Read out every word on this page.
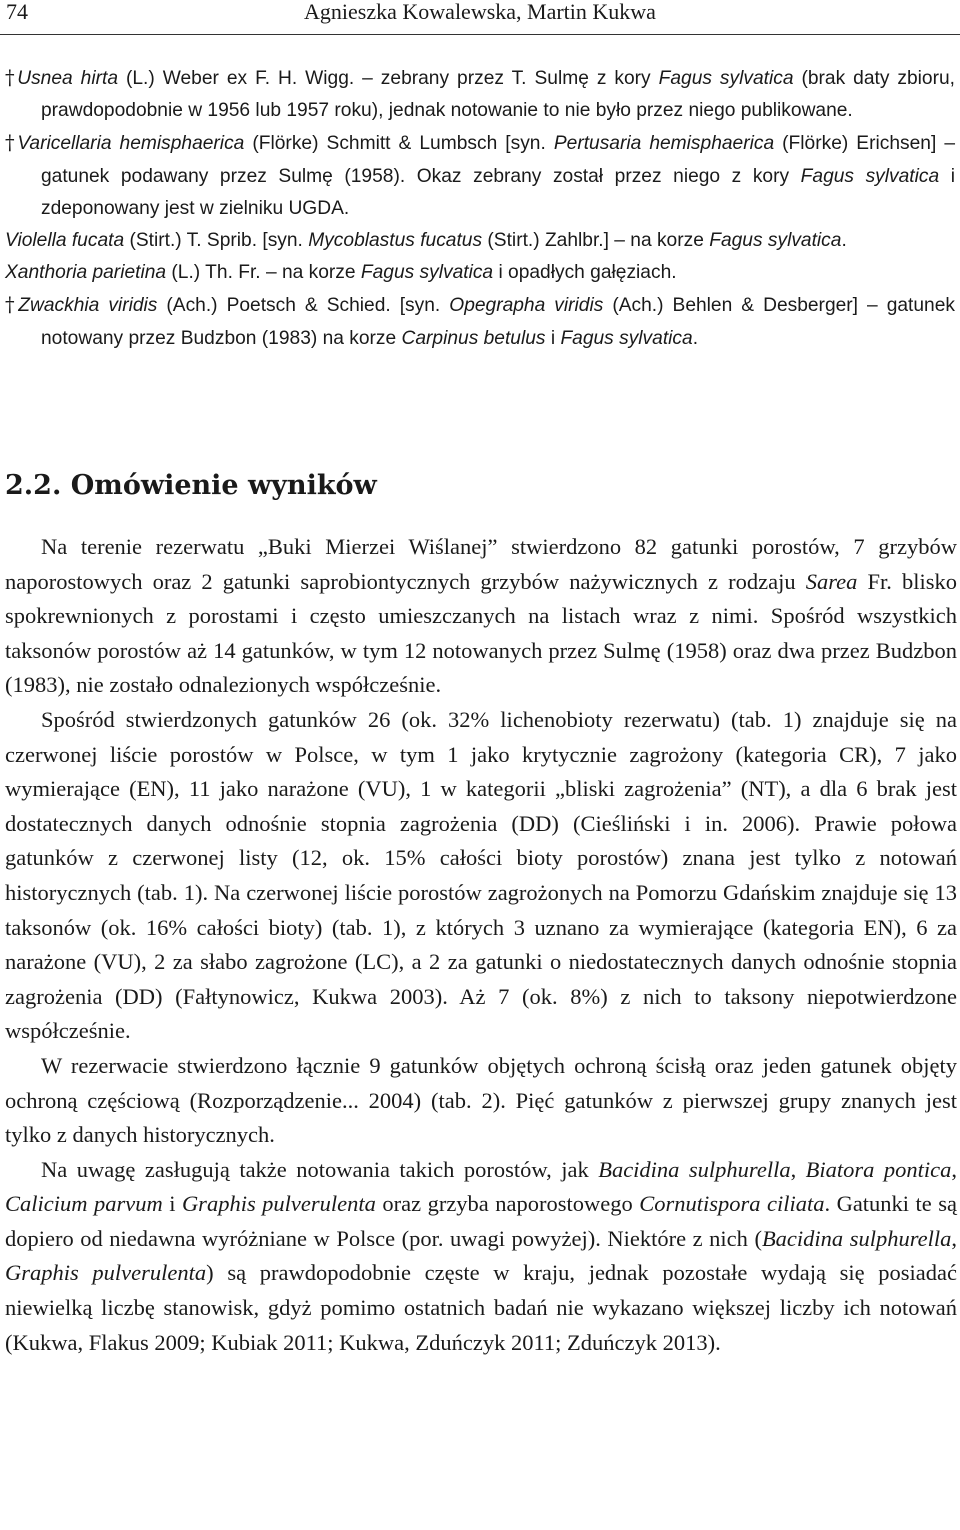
74	Agnieszka Kowalewska, Martin Kukwa
†Usnea hirta (L.) Weber ex F. H. Wigg. – zebrany przez T. Sulmę z kory Fagus sylvatica (brak daty zbioru, prawdopodobnie w 1956 lub 1957 roku), jednak notowanie to nie było przez niego publikowane.
†Varicellaria hemisphaerica (Flörke) Schmitt & Lumbsch [syn. Pertusaria hemisphaerica (Flörke) Erichsen] – gatunek podawany przez Sulmę (1958). Okaz zebrany został przez niego z kory Fagus sylvatica i zdeponowany jest w zielniku UGDA.
Violella fucata (Stirt.) T. Sprib. [syn. Mycoblastus fucatus (Stirt.) Zahlbr.] – na korze Fagus sylvatica.
Xanthoria parietina (L.) Th. Fr. – na korze Fagus sylvatica i opadłych gałęziach.
†Zwackhia viridis (Ach.) Poetsch & Schied. [syn. Opegrapha viridis (Ach.) Behlen & Desberger] – gatunek notowany przez Budzbon (1983) na korze Carpinus betulus i Fagus sylvatica.
2.2. Omówienie wyników

Na terenie rezerwatu „Buki Mierzei Wiślanej” stwierdzono 82 gatunki porostów, 7 grzybów naporostowych oraz 2 gatunki saprobiontycznych grzybów nażywicznych z rodzaju Sarea Fr. blisko spokrewnionych z porostami i często umieszczanych na listach wraz z nimi. Spośród wszystkich taksonów porostów aż 14 gatunków, w tym 12 notowanych przez Sulmę (1958) oraz dwa przez Budzbon (1983), nie zostało odnalezionych współcześnie.

Spośród stwierdzonych gatunków 26 (ok. 32% lichenobioty rezerwatu) (tab. 1) znajduje się na czerwonej liście porostów w Polsce, w tym 1 jako krytycznie zagrożony (kategoria CR), 7 jako wymierające (EN), 11 jako narażone (VU), 1 w kategorii „bliski zagrożenia” (NT), a dla 6 brak jest dostatecznych danych odnośnie stopnia zagrożenia (DD) (Cieśliński i in. 2006). Prawie połowa gatunków z czerwonej listy (12, ok. 15% całości bioty porostów) znana jest tylko z notowań historycznych (tab. 1). Na czerwonej liście porostów zagrożonych na Pomorzu Gdańskim znajduje się 13 taksonów (ok. 16% całości bioty) (tab. 1), z których 3 uznano za wymierające (kategoria EN), 6 za narażone (VU), 2 za słabo zagrożone (LC), a 2 za gatunki o niedostatecznych danych odnośnie stopnia zagrożenia (DD) (Fałtynowicz, Kukwa 2003). Aż 7 (ok. 8%) z nich to taksony niepotwierdzone współcześnie.

W rezerwacie stwierdzono łącznie 9 gatunków objętych ochroną ścisłą oraz jeden gatunek objęty ochroną częściową (Rozporządzenie... 2004) (tab. 2). Pięć gatunków z pierwszej grupy znanych jest tylko z danych historycznych.

Na uwagę zasługują także notowania takich porostów, jak Bacidina sulphurella, Biatora pontica, Calicium parvum i Graphis pulverulenta oraz grzyba naporostowego Cornutispora ciliata. Gatunki te są dopiero od niedawna wyróżniane w Polsce (por. uwagi powyżej). Niektóre z nich (Bacidina sulphurella, Graphis pulverulenta) są prawdopodobnie częste w kraju, jednak pozostałe wydają się posiadać niewielką liczbę stanowisk, gdyż pomimo ostatnich badań nie wykazano większej liczby ich notowań (Kukwa, Flakus 2009; Kubiak 2011; Kukwa, Zduńczyk 2011; Zduńczyk 2013).
